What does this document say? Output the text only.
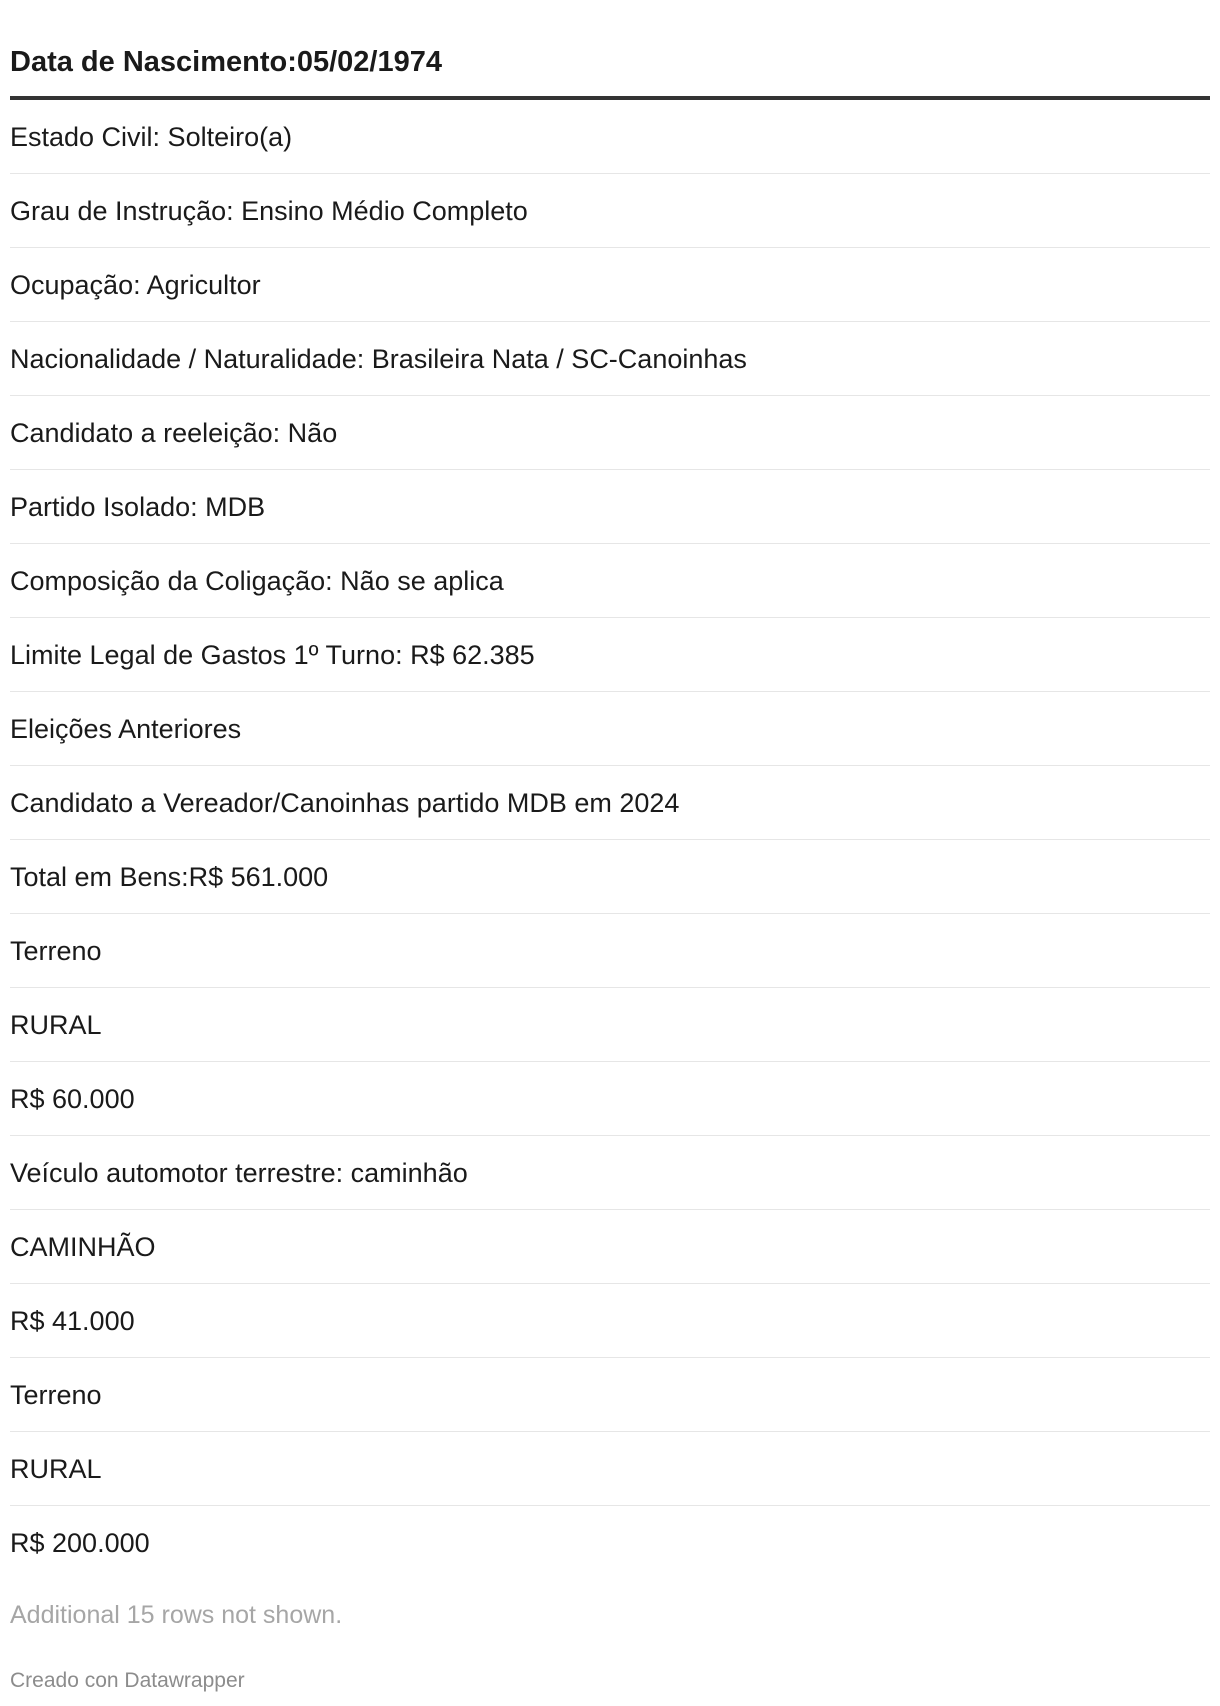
Data de Nascimento:05/02/1974
Estado Civil: Solteiro(a)
Grau de Instrução: Ensino Médio Completo
Ocupação: Agricultor
Nacionalidade / Naturalidade: Brasileira Nata / SC-Canoinhas
Candidato a reeleição: Não
Partido Isolado: MDB
Composição da Coligação: Não se aplica
Limite Legal de Gastos 1º Turno: R$ 62.385
Eleições Anteriores
Candidato a Vereador/Canoinhas partido MDB em 2024
Total em Bens:R$ 561.000
Terreno
RURAL
R$ 60.000
Veículo automotor terrestre: caminhão
CAMINHÃO
R$ 41.000
Terreno
RURAL
R$ 200.000
Additional 15 rows not shown.
Creado con Datawrapper
